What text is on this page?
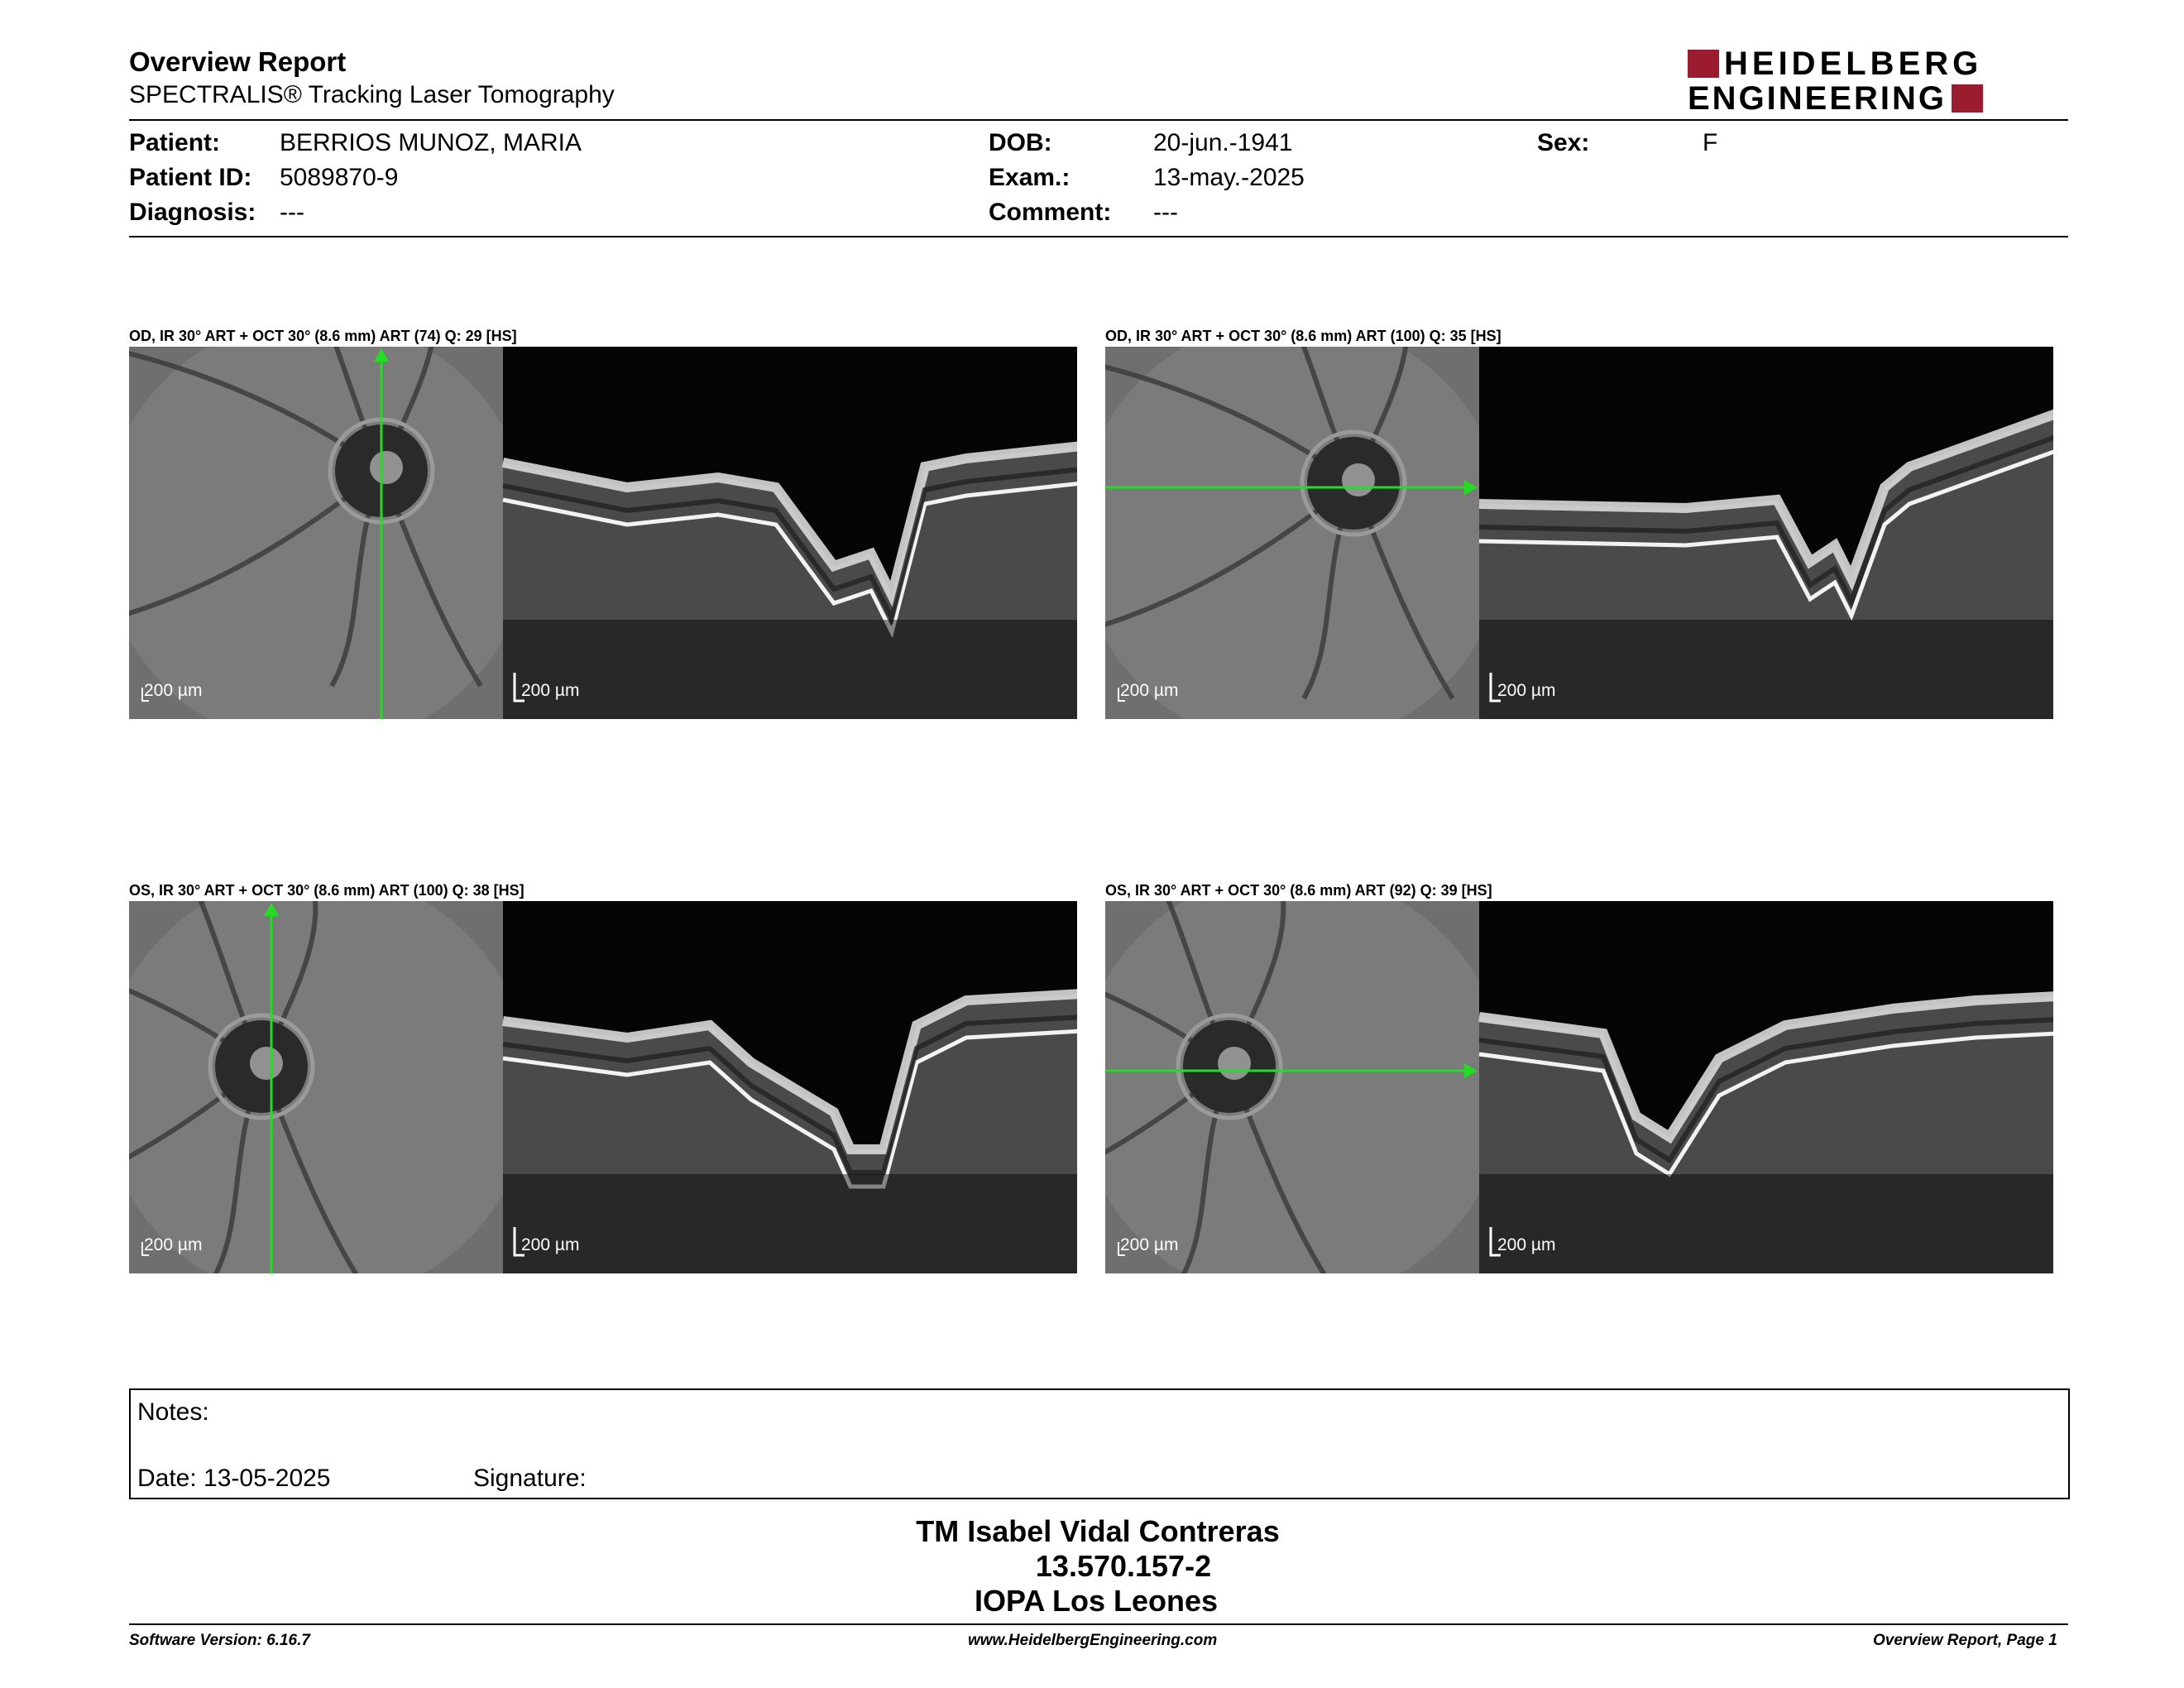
Overview Report
SPECTRALIS® Tracking Laser Tomography
HEIDELBERG
ENGINEERING
Patient: BERRIOS MUNOZ, MARIA
Patient ID: 5089870-9
Diagnosis: ---
DOB:	20-jun.-1941
Exam.:	13-may.-2025
Comment: ---
Sex:	F
OD, IR 30° ART + OCT 30° (8.6 mm) ART (74) Q: 29 [HS]
200 µm	200 µm
OD, IR 30° ART + OCT 30° (8.6 mm) ART (100) Q: 35 [HS]
200 µm	200 µm
OS, IR 30° ART + OCT 30° (8.6 mm) ART (100) Q: 38 [HS]
200 µm	200 µm
OS, IR 30° ART + OCT 30° (8.6 mm) ART (92) Q: 39 [HS]
200 µm	200 µm
Notes:
Date: 13-05-2025	Signature:
TM Isabel Vidal Contreras
13.570.157-2
IOPA Los Leones
Software Version: 6.16.7	www.HeidelbergEngineering.com	Overview Report, Page 1
